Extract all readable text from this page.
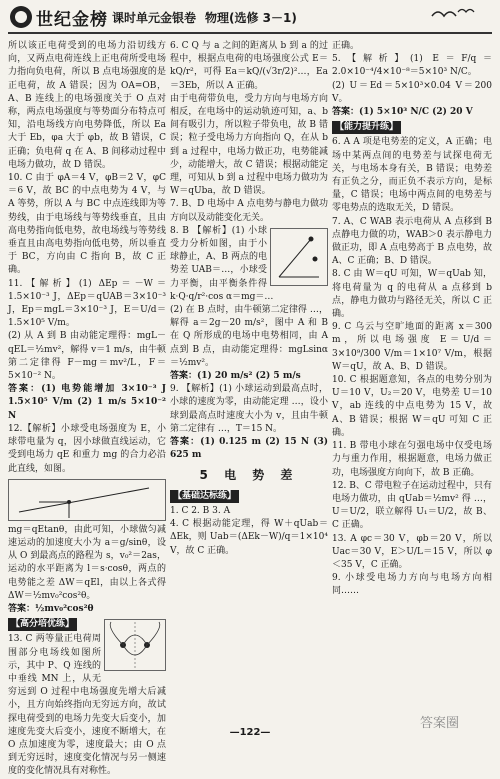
世纪金榜 课时单元金银卷 物理(选修 3－1)

所以该正电荷受到的电场力沿切线方向，又两点电荷连线上正电荷所受电场力指向负电荷，所以 B 点电场强度的是正电荷，故 A 错误；因为 OA=OB，A、B 连线上的电场强度关于 O 点对称，两点电场强度与等势面分布特点可知，沿电场线方向电势降低，所以 Ea 大于 Eb，φa 大于 φb，故 B 错误，C 正确；负电荷 q 在 A、B 间移动过程中电场力做功，故 D 错误。

10. C 由于 φA＝4 V，φB＝2 V，φC＝6 V，故 BC 的中点电势为 4 V，与 A 等势，所以 A 与 BC 中点连线即为等势线，由于电场线与等势线垂直，且由高电势指向低电势，故电场线与等势线垂直且由高电势指向低电势，所以垂直于 BC，方向由 C 指向 B，故 C 正确。

11.【解析】(1) ΔEp＝－W＝1.5×10⁻³ J，ΔEp＝qUAB＝3×10⁻³ J，Ep＝mgL＝3×10⁻³ J，E＝U/d＝1.5×10⁵ V/m。

(2) 从 A 到 B 由动能定理得：mgL－qEL＝½mv²，解得 v＝1 m/s，由牛顿第二定律得 F－mg＝mv²/L，F＝5×10⁻² N。

答案：(1) 电势能增加 3×10⁻³ J 1.5×10⁵ V/m (2) 1 m/s 5×10⁻² N

12.【解析】小球受电场强度为 E，小球带电量为 q，因小球做直线运动，它受到电场力 qE 和重力 mg 的合力必沿此直线，如图。

mg＝qEtanθ，由此可知，小球做匀减速运动的加速度大小为 a＝g/sinθ，设从 O 到最高点的路程为 s，v₀²＝2as，运动的水平距离为 l＝s·cosθ，两点的电势能之差 ΔW＝qEl，由以上各式得 ΔW＝½mv₀²cos²θ。

答案：½mv₀²cos²θ

【高分培优练】

13. C 两等量正电荷周围部分电场线如图所示，其中 P、Q 连线的中垂线 MN 上，从无穷远到 O 过程中电场强度先增大后减小，且方向始终指向无穷远方向，故试探电荷受到的电场力先变大后变小，加速度先变大后变小，速度不断增大，在 O 点加速度为零，速度最大；由 O 点到无穷远时，速度变化情况与另一侧速度的变化情况具有对称性。

6. C Q 与 a 之间的距离从 b 到 a 的过程中，根据点电荷的电场强度公式 E＝kQ/r²，可得 Ea＝kQ/(√3r/2)²…，Ea＝3Eb，所以 A 正确。

由于电荷带负电，受力方向与电场方向相反，在电场中的运动轨迹可知，a、b 间有吸引力，所以粒子带负电，故 B 错误；粒子受电场力方向指向 Q，在从 b 到 a 过程中，电场力做正功，电势能减少，动能增大，故 C 错误；根据动能定理，可知从 b 到 a 过程中电场力做功为 W＝qUba，故 D 错误。

7. B、D 电场中 A 点电势与静电力做功方向以及动能变化无关。

8. B 【解析】(1) 小球受力分析如图，由于小球静止，A、B 两点的电势差 UAB＝…，小球受力平衡，由平衡条件得 k·Q·q/r²·cos α＝mg＝…

(2) 在 B 点时，由牛顿第二定律得 …，解得 a＝2g－20 m/s²，图中 A 和 B 在 Q 所形成的电场中电势相同，由 A 点到 B 点，由动能定理得：mgLsinα＝½mv²。

答案：(1) 20 m/s² (2) 5 m/s

9. 【解析】(1) 小球运动到最高点时，小球的速度为零，由动能定理 …，设小球到最高点时速度大小为 v，且由牛顿第二定律有 …，T＝15 N。

答案：(1) 0.125 m (2) 15 N (3) 625 m

5 电 势 差
【基础达标练】

1. C 2. B 3. A

4. C 根据动能定理，得 W＋qUab＝ΔEk，则 Uab＝(ΔEk－W)/q＝1×10⁴ V，故 C 正确。

正确。

5.【解析】(1) E＝F/q＝2.0×10⁻⁴/4×10⁻⁸＝5×10³ N/C。

(2) U＝Ed＝5×10³×0.04 V＝200 V。

答案：(1) 5×10³ N/C (2) 20 V

【能力提升练】

6. A A 项是电势差的定义，A 正确；电场中某两点间的电势差与试探电荷无关，与电场本身有关，B 错误；电势差有正负之分，而正负不表示方向，是标量，C 错误；电场中两点间的电势差与零电势点的选取无关，D 错误。

7. A、C WAB 表示电荷从 A 点移到 B 点静电力做的功，WAB＞0 表示静电力做正功，即 A 点电势高于 B 点电势，故 A、C 正确；B、D 错误。

8. C 由 W＝qU 可知，W＝qUab 知，将电荷量为 q 的电荷从 a 点移到 b 点，静电力做功与路径无关，所以 C 正确。

9. C 乌云与空旷地面的距离 x＝300 m，所以电场强度 E＝U/d＝3×10⁹/300 V/m＝1×10⁷ V/m，根据 W＝qU，故 A、B、D 错误。

10. C 根据题意知，各点的电势分别为 U＝10 V，U₂＝20 V，电势差 U＝10 V，ab 连线的中点电势为 15 V，故 A、B 错误；根据 W＝qU 可知 C 正确。

11. B 带电小球在匀强电场中仅受电场力与重力作用，根据题意，电场力做正功，电场强度方向向下，故 B 正确。

12. B、C 带电粒子在运动过程中，只有电场力做功，由 qUab＝½mv² 得 …，U＝U/2，联立解得 U₁＝U/2，故 B、C 正确。

13. A φc＝30 V，φb＝20 V，所以 Uac＝30 V，E＞U/L＝15 V，所以 φ＜35 V，C 正确。

9. 小球受电场力方向与电场方向相同……

—122—
答案圈
